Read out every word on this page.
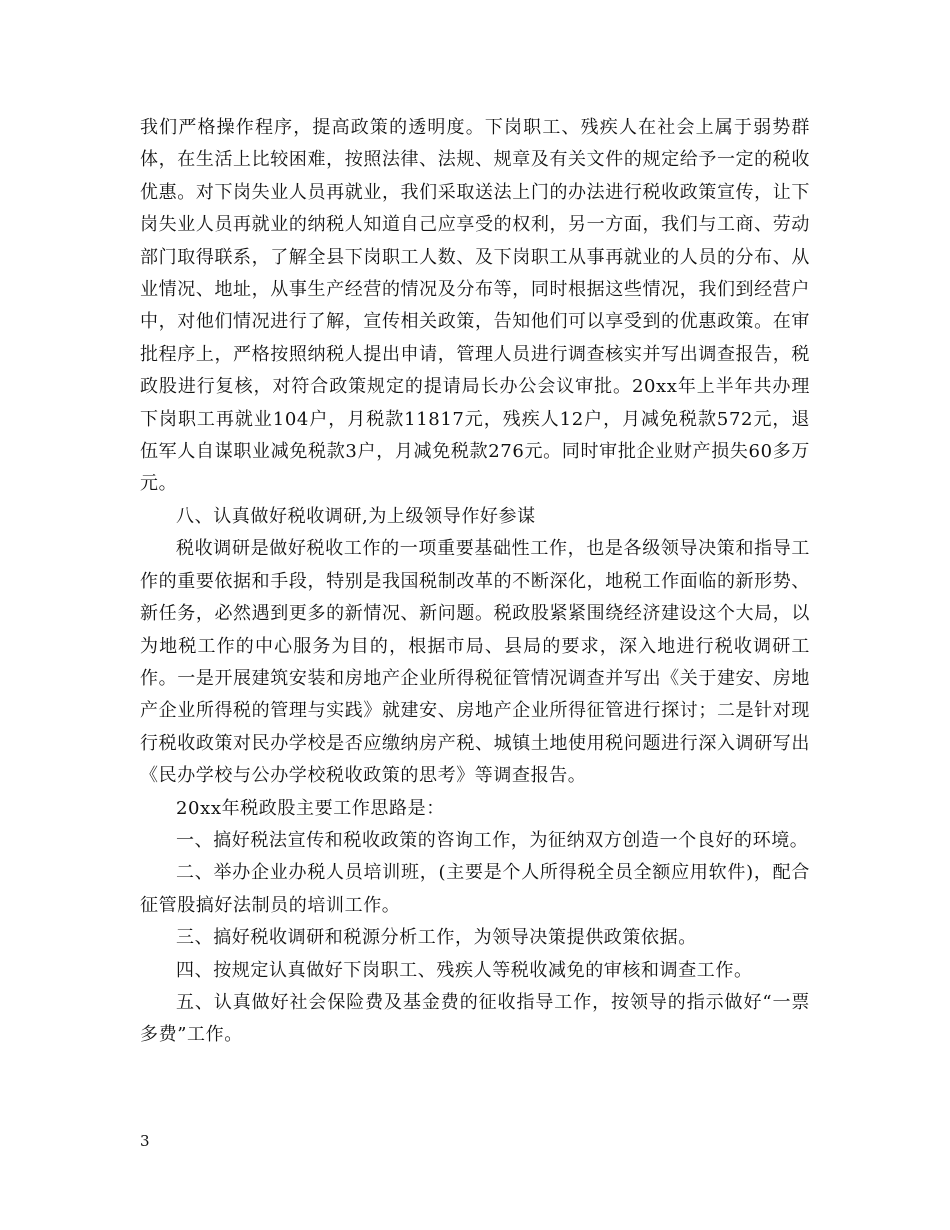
我们严格操作程序，提高政策的透明度。下岗职工、残疾人在社会上属于弱势群体，在生活上比较困难，按照法律、法规、规章及有关文件的规定给予一定的税收优惠。对下岗失业人员再就业，我们采取送法上门的办法进行税收政策宣传，让下岗失业人员再就业的纳税人知道自己应享受的权利，另一方面，我们与工商、劳动部门取得联系，了解全县下岗职工人数、及下岗职工从事再就业的人员的分布、从业情况、地址，从事生产经营的情况及分布等，同时根据这些情况，我们到经营户中，对他们情况进行了解，宣传相关政策，告知他们可以享受到的优惠政策。在审批程序上，严格按照纳税人提出申请，管理人员进行调查核实并写出调查报告，税政股进行复核，对符合政策规定的提请局长办公会议审批。20xx年上半年共办理下岗职工再就业104户，月税款11817元，残疾人12户，月减免税款572元，退伍军人自谋职业减免税款3户，月减免税款276元。同时审批企业财产损失60多万元。

八、认真做好税收调研,为上级领导作好参谋

税收调研是做好税收工作的一项重要基础性工作，也是各级领导决策和指导工作的重要依据和手段，特别是我国税制改革的不断深化，地税工作面临的新形势、新任务，必然遇到更多的新情况、新问题。税政股紧紧围绕经济建设这个大局，以为地税工作的中心服务为目的，根据市局、县局的要求，深入地进行税收调研工作。一是开展建筑安装和房地产企业所得税征管情况调查并写出《关于建安、房地产企业所得税的管理与实践》就建安、房地产企业所得征管进行探讨；二是针对现行税收政策对民办学校是否应缴纳房产税、城镇土地使用税问题进行深入调研写出《民办学校与公办学校税收政策的思考》等调查报告。

20xx年税政股主要工作思路是：

一、搞好税法宣传和税收政策的咨询工作，为征纳双方创造一个良好的环境。

二、举办企业办税人员培训班，(主要是个人所得税全员全额应用软件)，配合征管股搞好法制员的培训工作。

三、搞好税收调研和税源分析工作，为领导决策提供政策依据。

四、按规定认真做好下岗职工、残疾人等税收减免的审核和调查工作。

五、认真做好社会保险费及基金费的征收指导工作，按领导的指示做好“一票多费”工作。

3
